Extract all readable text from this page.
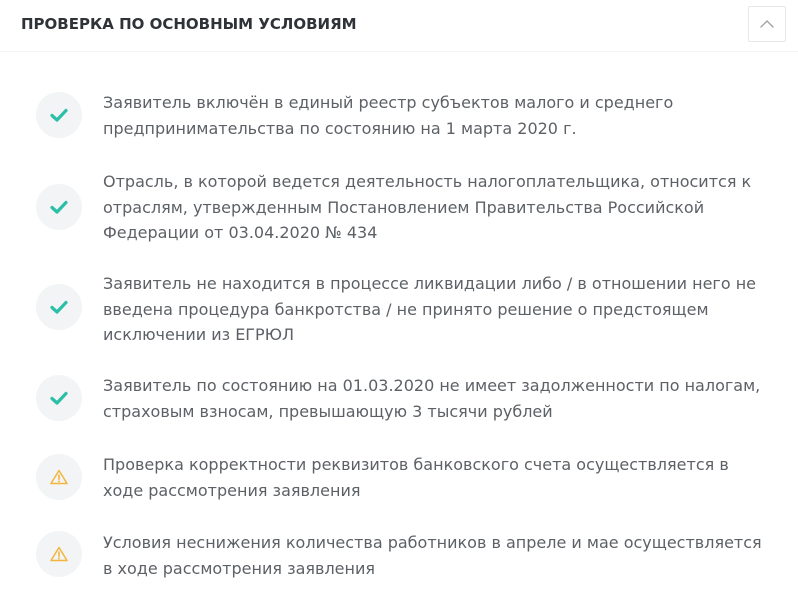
ПРОВЕРКА ПО ОСНОВНЫМ УСЛОВИЯМ
Заявитель включён в единый реестр субъектов малого и среднего предпринимательства по состоянию на 1 марта 2020 г.
Отрасль, в которой ведется деятельность налогоплательщика, относится к отраслям, утвержденным Постановлением Правительства Российской Федерации от 03.04.2020 № 434
Заявитель не находится в процессе ликвидации либо / в отношении него не введена процедура банкротства / не принято решение о предстоящем исключении из ЕГРЮЛ
Заявитель по состоянию на 01.03.2020 не имеет задолженности по налогам, страховым взносам, превышающую 3 тысячи рублей
Проверка корректности реквизитов банковского счета осуществляется в ходе рассмотрения заявления
Условия неснижения количества работников в апреле и мае осуществляется в ходе рассмотрения заявления
